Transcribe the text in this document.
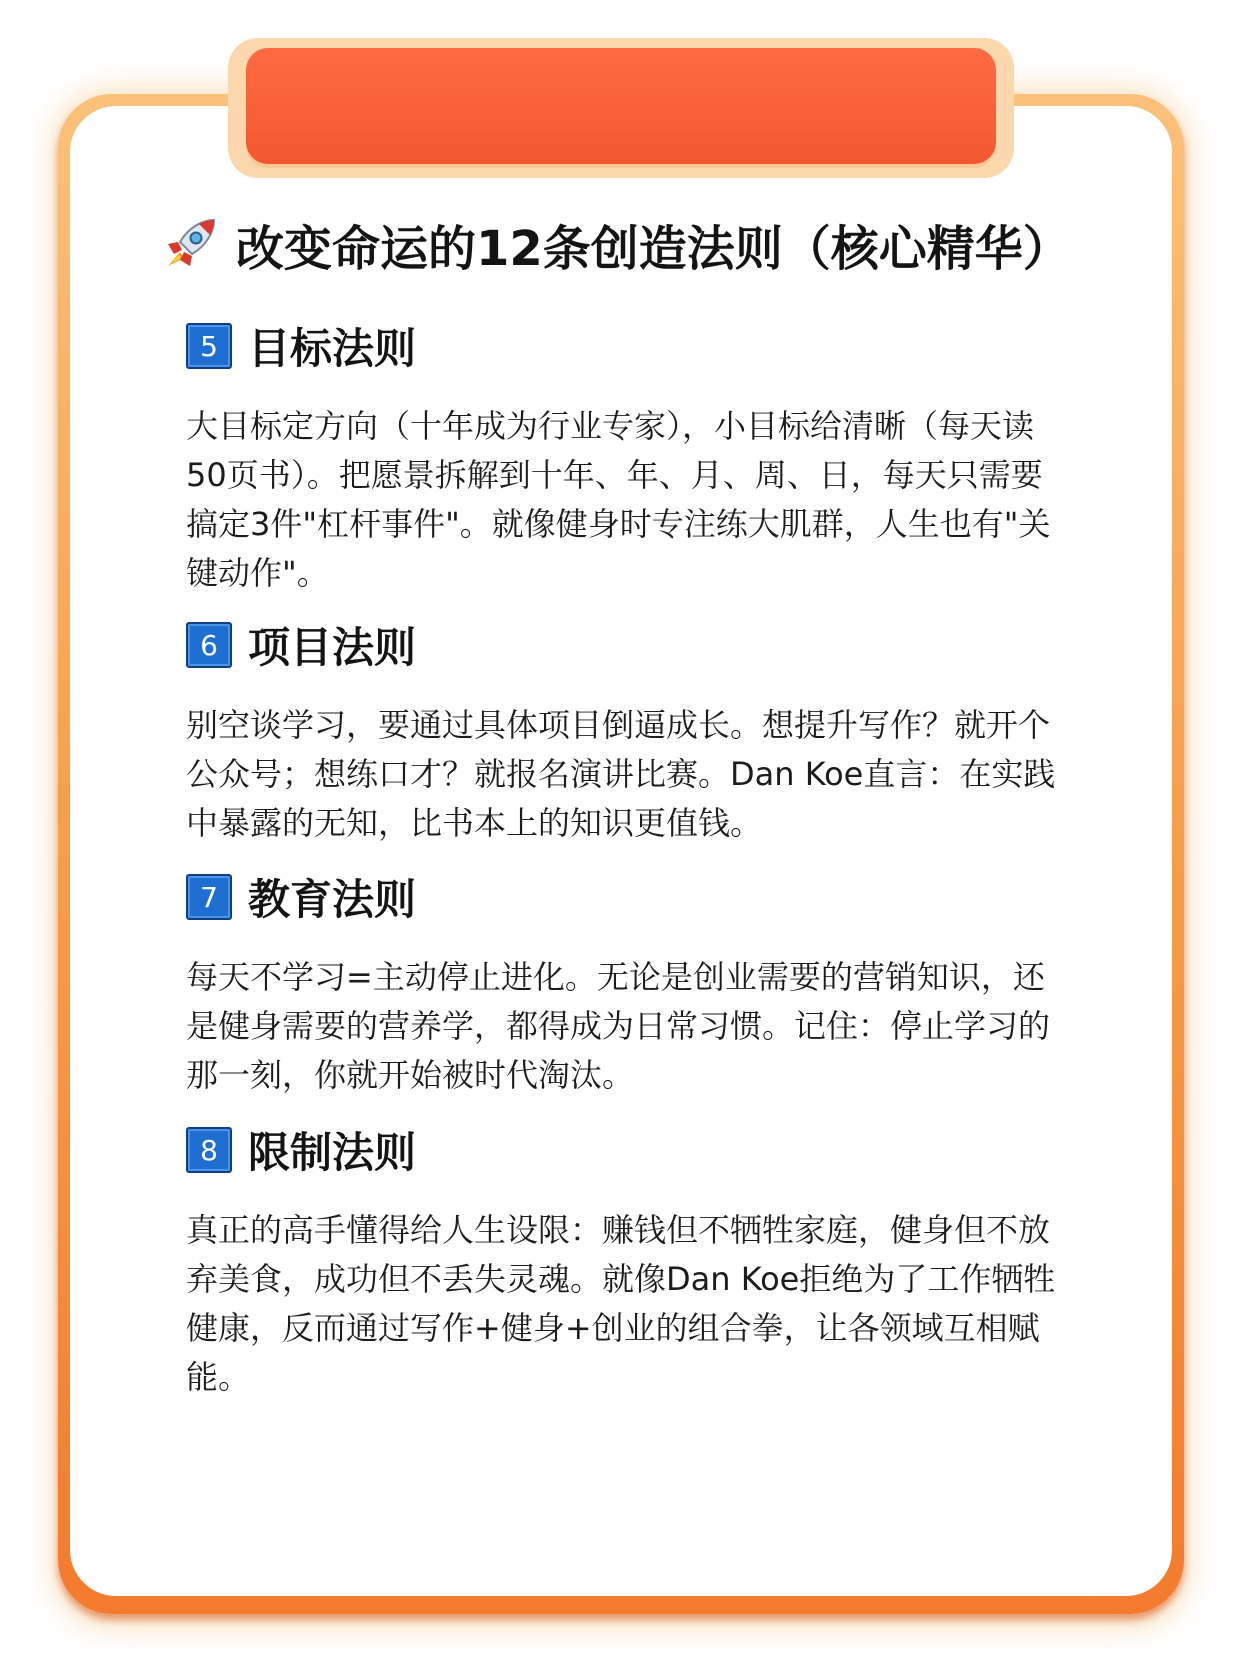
改变命运的12条创造法则（核心精华）
5 目标法则
大目标定方向（十年成为行业专家），小目标给清晰（每天读50页书）。把愿景拆解到十年、年、月、周、日，每天只需要搞定3件"杠杆事件"。就像健身时专注练大肌群，人生也有"关键动作"。
6 项目法则
别空谈学习，要通过具体项目倒逼成长。想提升写作？就开个公众号；想练口才？就报名演讲比赛。Dan Koe直言：在实践中暴露的无知，比书本上的知识更值钱。
7 教育法则
每天不学习=主动停止进化。无论是创业需要的营销知识，还是健身需要的营养学，都得成为日常习惯。记住：停止学习的那一刻，你就开始被时代淘汰。
8 限制法则
真正的高手懂得给人生设限：赚钱但不牺牲家庭，健身但不放弃美食，成功但不丢失灵魂。就像Dan Koe拒绝为了工作牺牲健康，反而通过写作+健身+创业的组合拳，让各领域互相赋能。
